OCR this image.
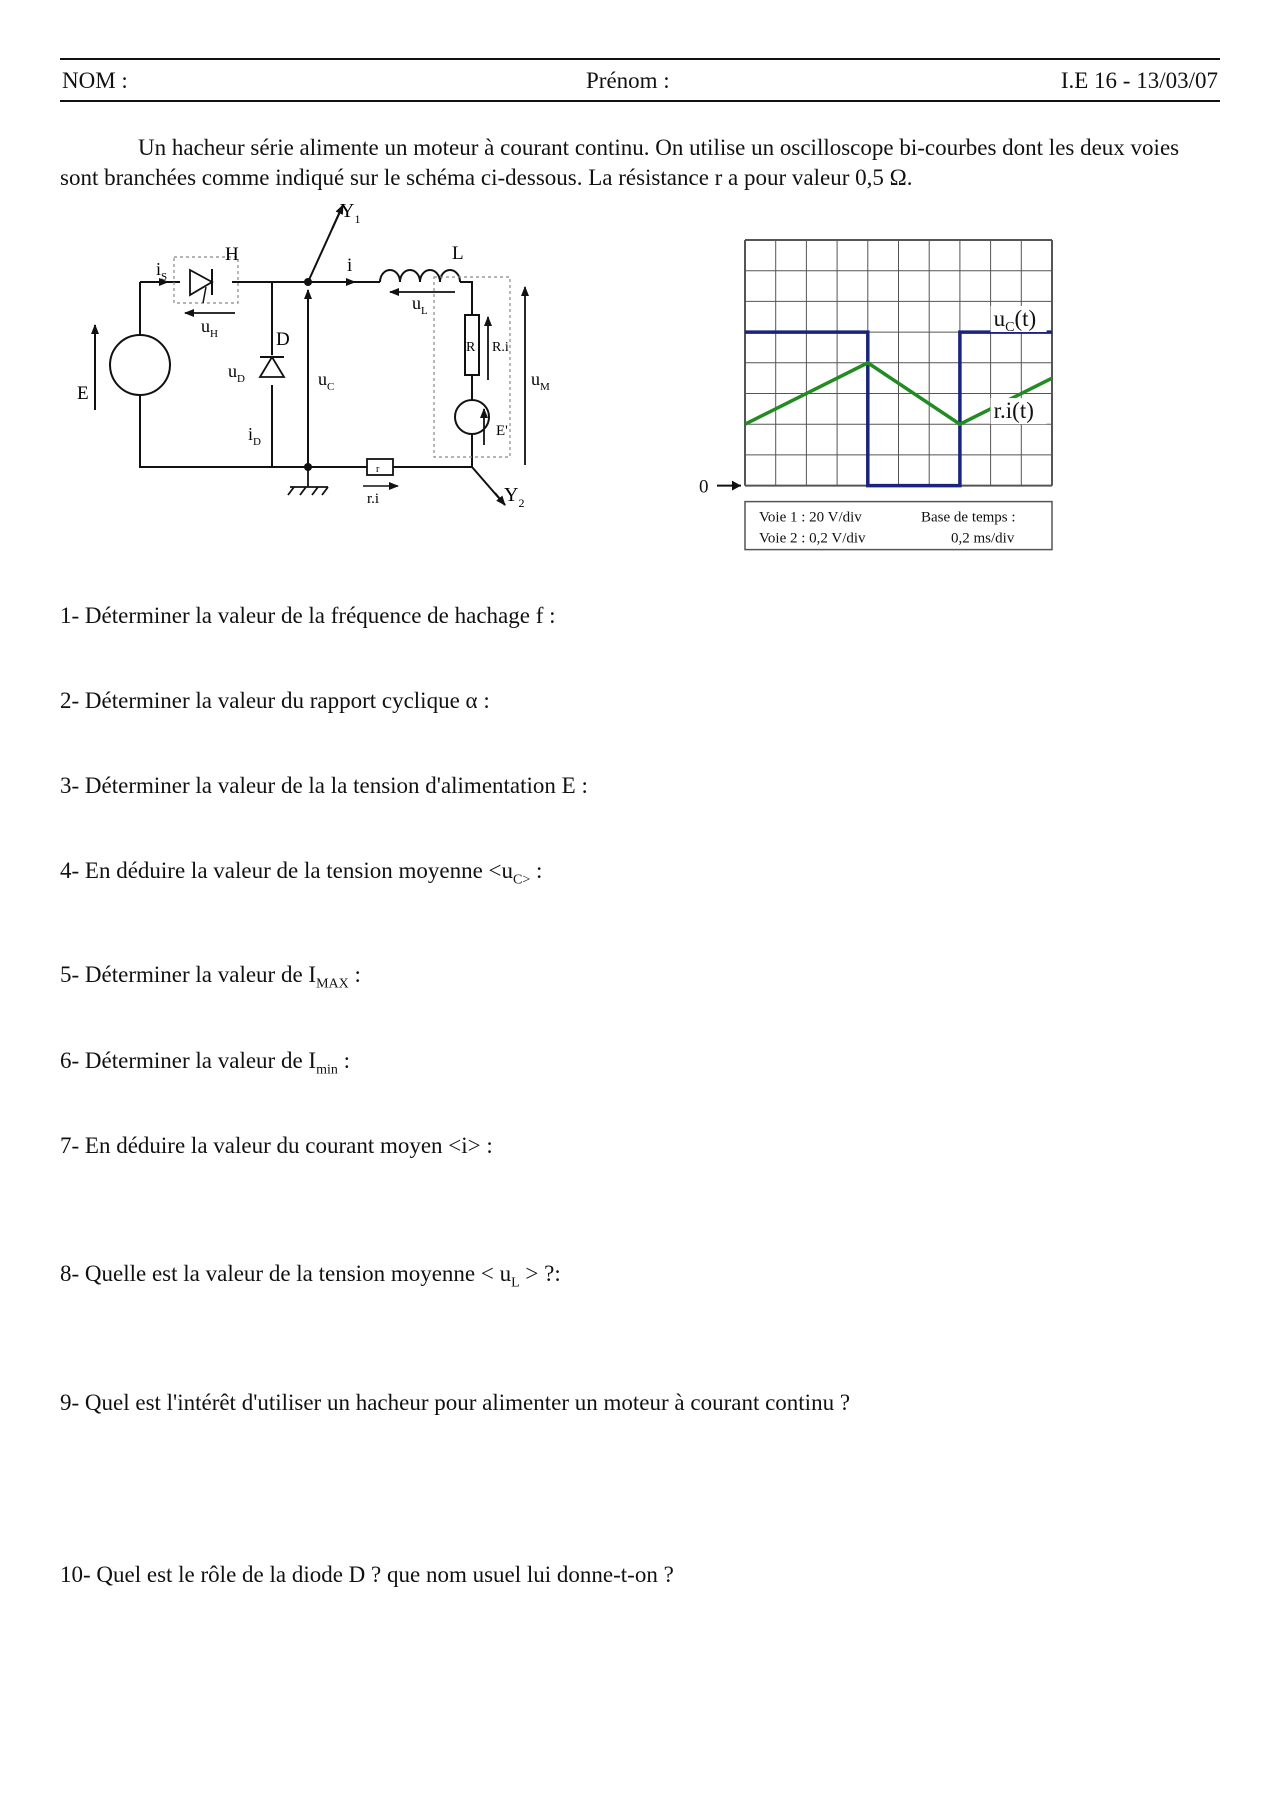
NOM :	Prénom :	I.E 16 - 13/03/07

Un hacheur série alimente un moteur à courant continu. On utilise un oscilloscope bi-courbes dont les deux voies sont branchées comme indiqué sur le schéma ci-dessous. La résistance r a pour valeur 0,5 Ω.

$Y_1$
$Y_2$
H	L
i
$i_S$
$u_H$
$u_L$
D
$u_D$	$u_C$
$i_D$
$u_M$
E
R R.i
E'
r
r.i
$u_C(t)$
r.i(t)
0
Voie 1 : 20 V/div
Voie 2 : 0,2 V/div
Base de temps :
0,2 ms/div

1- Déterminer la valeur de la fréquence de hachage f :

2- Déterminer la valeur du rapport cyclique α :

3- Déterminer la valeur de la la tension d'alimentation E :

4- En déduire la valeur de la tension moyenne $<u_{C>}$ :

5- Déterminer la valeur de $I_{MAX}$ :

6- Déterminer la valeur de $I_{min}$ :

7- En déduire la valeur du courant moyen <i> :

8- Quelle est la valeur de la tension moyenne < $u_L$ > ?:

9- Quel est l'intérêt d'utiliser un hacheur pour alimenter un moteur à courant continu ?

10- Quel est le rôle de la diode D ? que nom usuel lui donne-t-on ?
